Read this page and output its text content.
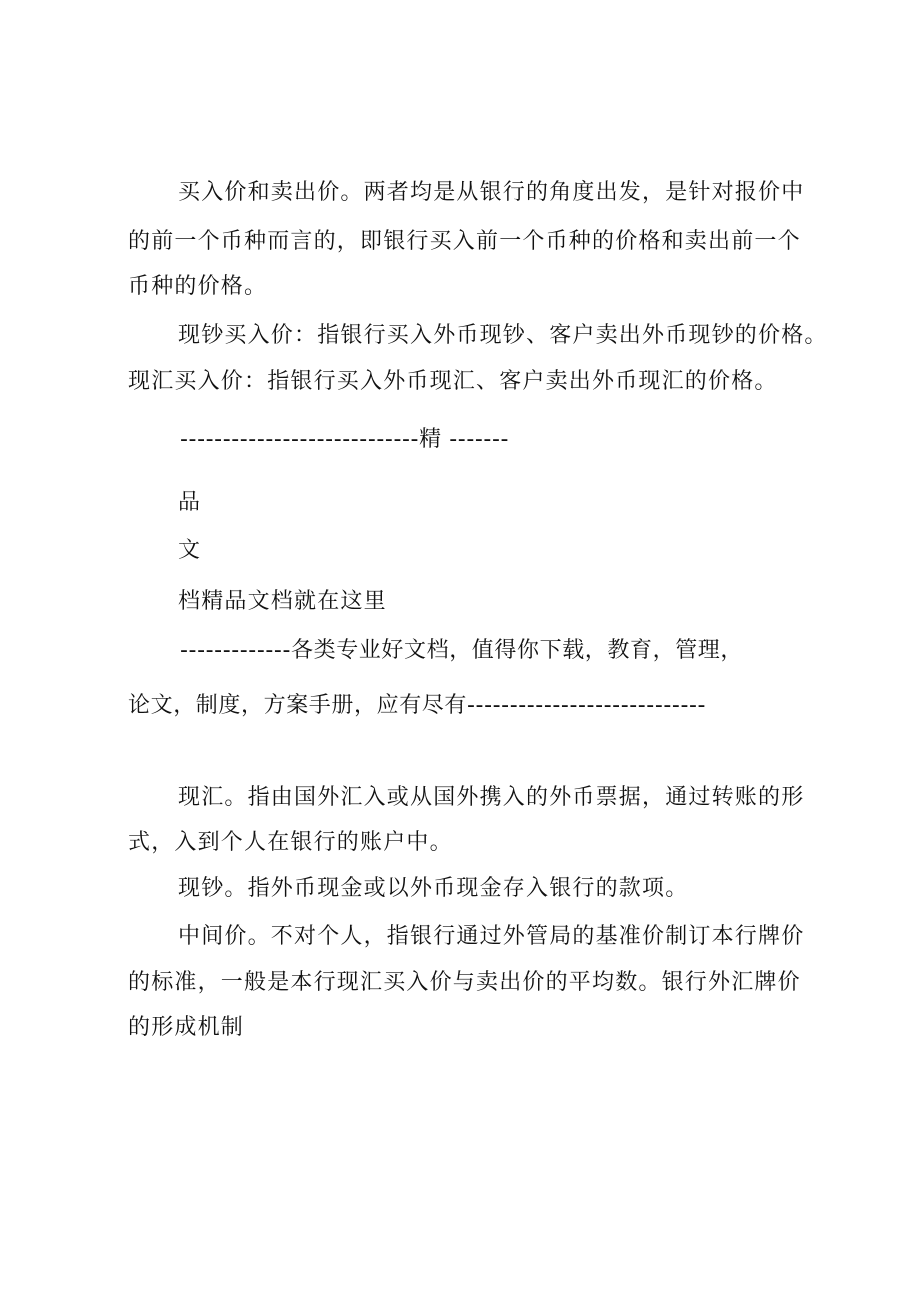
买入价和卖出价。两者均是从银行的角度出发，是针对报价中
的前一个币种而言的，即银行买入前一个币种的价格和卖出前一个
币种的价格。
现钞买入价：指银行买入外币现钞、客户卖出外币现钞的价格。
现汇买入价：指银行买入外币现汇、客户卖出外币现汇的价格。
----------------------------精 -------
品
文
档精品文档就在这里
-------------各类专业好文档，值得你下载，教育，管理，
论文，制度，方案手册，应有尽有----------------------------
现汇。指由国外汇入或从国外携入的外币票据，通过转账的形
式，入到个人在银行的账户中。
现钞。指外币现金或以外币现金存入银行的款项。
中间价。不对个人，指银行通过外管局的基准价制订本行牌价
的标准，一般是本行现汇买入价与卖出价的平均数。银行外汇牌价
的形成机制
